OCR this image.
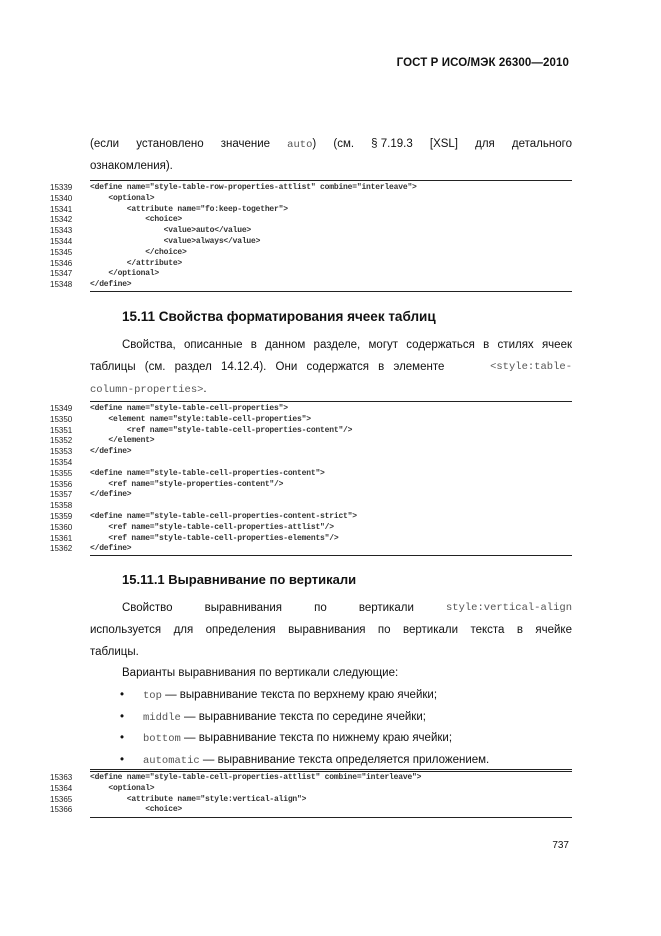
ГОСТ Р ИСО/МЭК 26300—2010
(если установлено значение auto) (см. § 7.19.3 [XSL] для детального
ознакомления).
15339	<define name="style-table-row-properties-attlist" combine="interleave">
15340	<optional>
15341	<attribute name="fo:keep-together">
15342	<choice>
15343	<value>auto</value>
15344	<value>always</value>
15345	</choice>
15346	</attribute>
15347	</optional>
15348	</define>
15.11 Свойства форматирования ячеек таблиц
Свойства, описанные в данном разделе, могут содержаться в стилях ячеек
таблицы (см. раздел 14.12.4). Они содержатся в элементе	<style:table-
column-properties>.
15349	<define name="style-table-cell-properties">
15350	<element name="style:table-cell-properties">
15351	<ref name="style-table-cell-properties-content"/>
15352	</element>
15353	</define>
15354
15355	<define name="style-table-cell-properties-content">
15356	<ref name="style-properties-content"/>
15357	</define>
15358
15359	<define name="style-table-cell-properties-content-strict">
15360	<ref name="style-table-cell-properties-attlist"/>
15361	<ref name="style-table-cell-properties-elements"/>
15362	</define>
15.11.1 Выравнивание по вертикали
Свойство	выравнивания	по	вертикали	style:vertical-align
используется для определения выравнивания по вертикали текста в ячейке
таблицы.
Варианты выравнивания по вертикали следующие:
• top — выравнивание текста по верхнему краю ячейки;
• middle — выравнивание текста по середине ячейки;
• bottom — выравнивание текста по нижнему краю ячейки;
• automatic — выравнивание текста определяется приложением.
15363	<define name="style-table-cell-properties-attlist" combine="interleave">
15364	<optional>
15365	<attribute name="style:vertical-align">
15366	<choice>
737
